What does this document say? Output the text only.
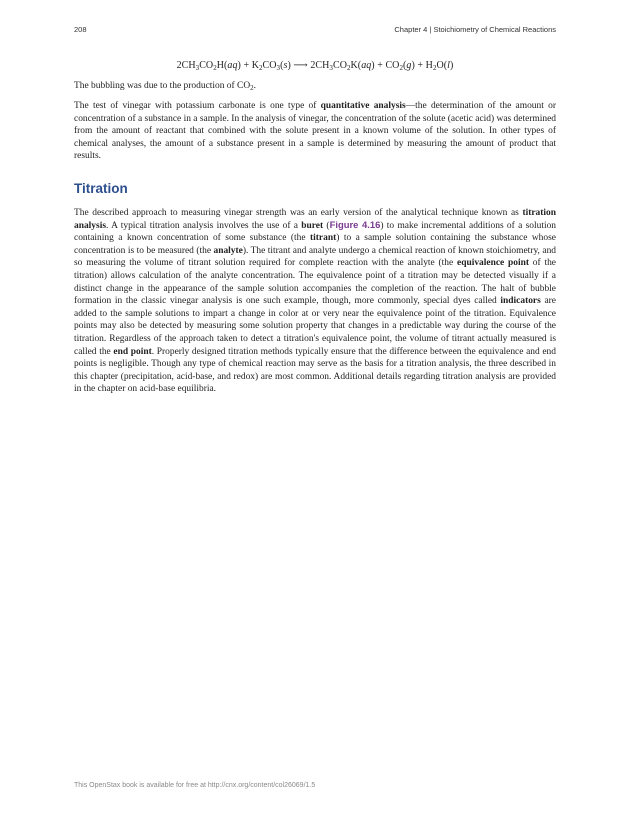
208	Chapter 4 | Stoichiometry of Chemical Reactions
$2CH_3CO_2H(aq) + K_2CO_3(s)$ ⟶ $2CH_3CO_2K(aq) + CO_2(g) + H_2O(l)$

The bubbling was due to the production of $CO_2$.

The test of vinegar with potassium carbonate is one type of quantitative analysis—the determination of the amount or concentration of a substance in a sample. In the analysis of vinegar, the concentration of the solute (acetic acid) was determined from the amount of reactant that combined with the solute present in a known volume of the solution. In other types of chemical analyses, the amount of a substance present in a sample is determined by measuring the amount of product that results.

Titration

The described approach to measuring vinegar strength was an early version of the analytical technique known as titration analysis. A typical titration analysis involves the use of a buret (Figure 4.16) to make incremental additions of a solution containing a known concentration of some substance (the titrant) to a sample solution containing the substance whose concentration is to be measured (the analyte). The titrant and analyte undergo a chemical reaction of known stoichiometry, and so measuring the volume of titrant solution required for complete reaction with the analyte (the equivalence point of the titration) allows calculation of the analyte concentration. The equivalence point of a titration may be detected visually if a distinct change in the appearance of the sample solution accompanies the completion of the reaction. The halt of bubble formation in the classic vinegar analysis is one such example, though, more commonly, special dyes called indicators are added to the sample solutions to impart a change in color at or very near the equivalence point of the titration. Equivalence points may also be detected by measuring some solution property that changes in a predictable way during the course of the titration. Regardless of the approach taken to detect a titration's equivalence point, the volume of titrant actually measured is called the end point. Properly designed titration methods typically ensure that the difference between the equivalence and end points is negligible. Though any type of chemical reaction may serve as the basis for a titration analysis, the three described in this chapter (precipitation, acid-base, and redox) are most common. Additional details regarding titration analysis are provided in the chapter on acid-base equilibria.

This OpenStax book is available for free at http://cnx.org/content/col26069/1.5
